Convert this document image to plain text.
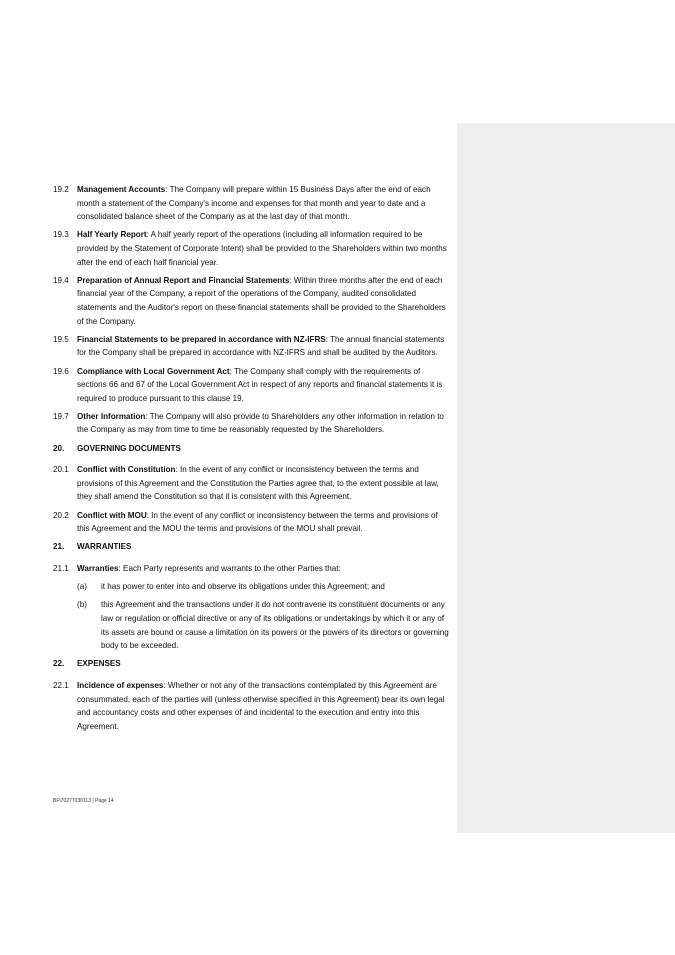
19.2	Management Accounts: The Company will prepare within 15 Business Days after the end of each month a statement of the Company's income and expenses for that month and year to date and a consolidated balance sheet of the Company as at the last day of that month.
19.3	Half Yearly Report: A half yearly report of the operations (including all information required to be provided by the Statement of Corporate Intent) shall be provided to the Shareholders within two months after the end of each half financial year.
19.4	Preparation of Annual Report and Financial Statements: Within three months after the end of each financial year of the Company, a report of the operations of the Company, audited consolidated statements and the Auditor's report on these financial statements shall be provided to the Shareholders of the Company.
19.5	Financial Statements to be prepared in accordance with NZ-IFRS: The annual financial statements for the Company shall be prepared in accordance with NZ-IFRS and shall be audited by the Auditors.
19.6	Compliance with Local Government Act: The Company shall comply with the requirements of sections 66 and 67 of the Local Government Act in respect of any reports and financial statements it is required to produce pursuant to this clause 19.
19.7	Other Information: The Company will also provide to Shareholders any other information in relation to the Company as may from time to time be reasonably requested by the Shareholders.
20.	GOVERNING DOCUMENTS
20.1	Conflict with Constitution: In the event of any conflict or inconsistency between the terms and provisions of this Agreement and the Constitution the Parties agree that, to the extent possible at law, they shall amend the Constitution so that it is consistent with this Agreement.
20.2	Conflict with MOU: In the event of any conflict or inconsistency between the terms and provisions of this Agreement and the MOU the terms and provisions of the MOU shall prevail.
21.	WARRANTIES
21.1	Warranties: Each Party represents and warrants to the other Parties that:
(a)	it has power to enter into and observe its obligations under this Agreement; and
(b)	this Agreement and the transactions under it do not contravene its constituent documents or any law or regulation or official directive or any of its obligations or undertakings by which it or any of its assets are bound or cause a limitation on its powers or the powers of its directors or governing body to be exceeded.
22.	EXPENSES
22.1	Incidence of expenses: Whether or not any of the transactions contemplated by this Agreement are consummated, each of the parties will (unless otherwise specified in this Agreement) bear its own legal and accountancy costs and other expenses of and incidental to the execution and entry into this Agreement.
BF\70277030113 | Page 14
